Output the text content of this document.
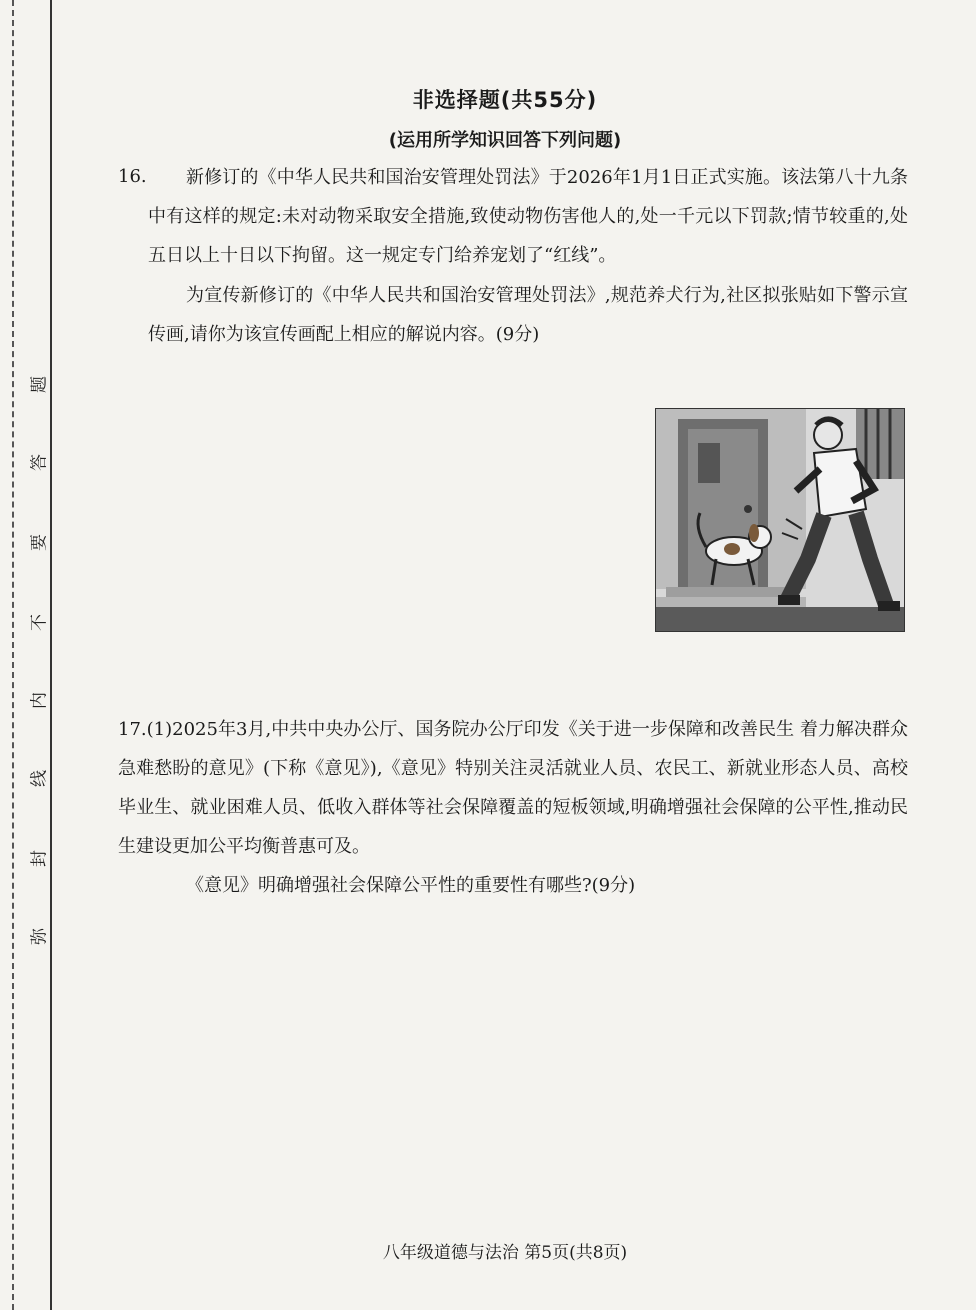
题
答
要
不
内
线
封
弥
非选择题(共55分)
(运用所学知识回答下列问题)
16.	新修订的《中华人民共和国治安管理处罚法》于2026年1月1日正式实施。该法第八十九条中有这样的规定:未对动物采取安全措施,致使动物伤害他人的,处一千元以下罚款;情节较重的,处五日以上十日以下拘留。这一规定专门给养宠划了“红线”。

为宣传新修订的《中华人民共和国治安管理处罚法》,规范养犬行为,社区拟张贴如下警示宣传画,请你为该宣传画配上相应的解说内容。(9分)

17.(1)2025年3月,中共中央办公厅、国务院办公厅印发《关于进一步保障和改善民生 着力解决群众急难愁盼的意见》(下称《意见》),《意见》特别关注灵活就业人员、农民工、新就业形态人员、高校毕业生、就业困难人员、低收入群体等社会保障覆盖的短板领域,明确增强社会保障的公平性,推动民生建设更加公平均衡普惠可及。

《意见》明确增强社会保障公平性的重要性有哪些?(9分)

八年级道德与法治 第5页(共8页)
